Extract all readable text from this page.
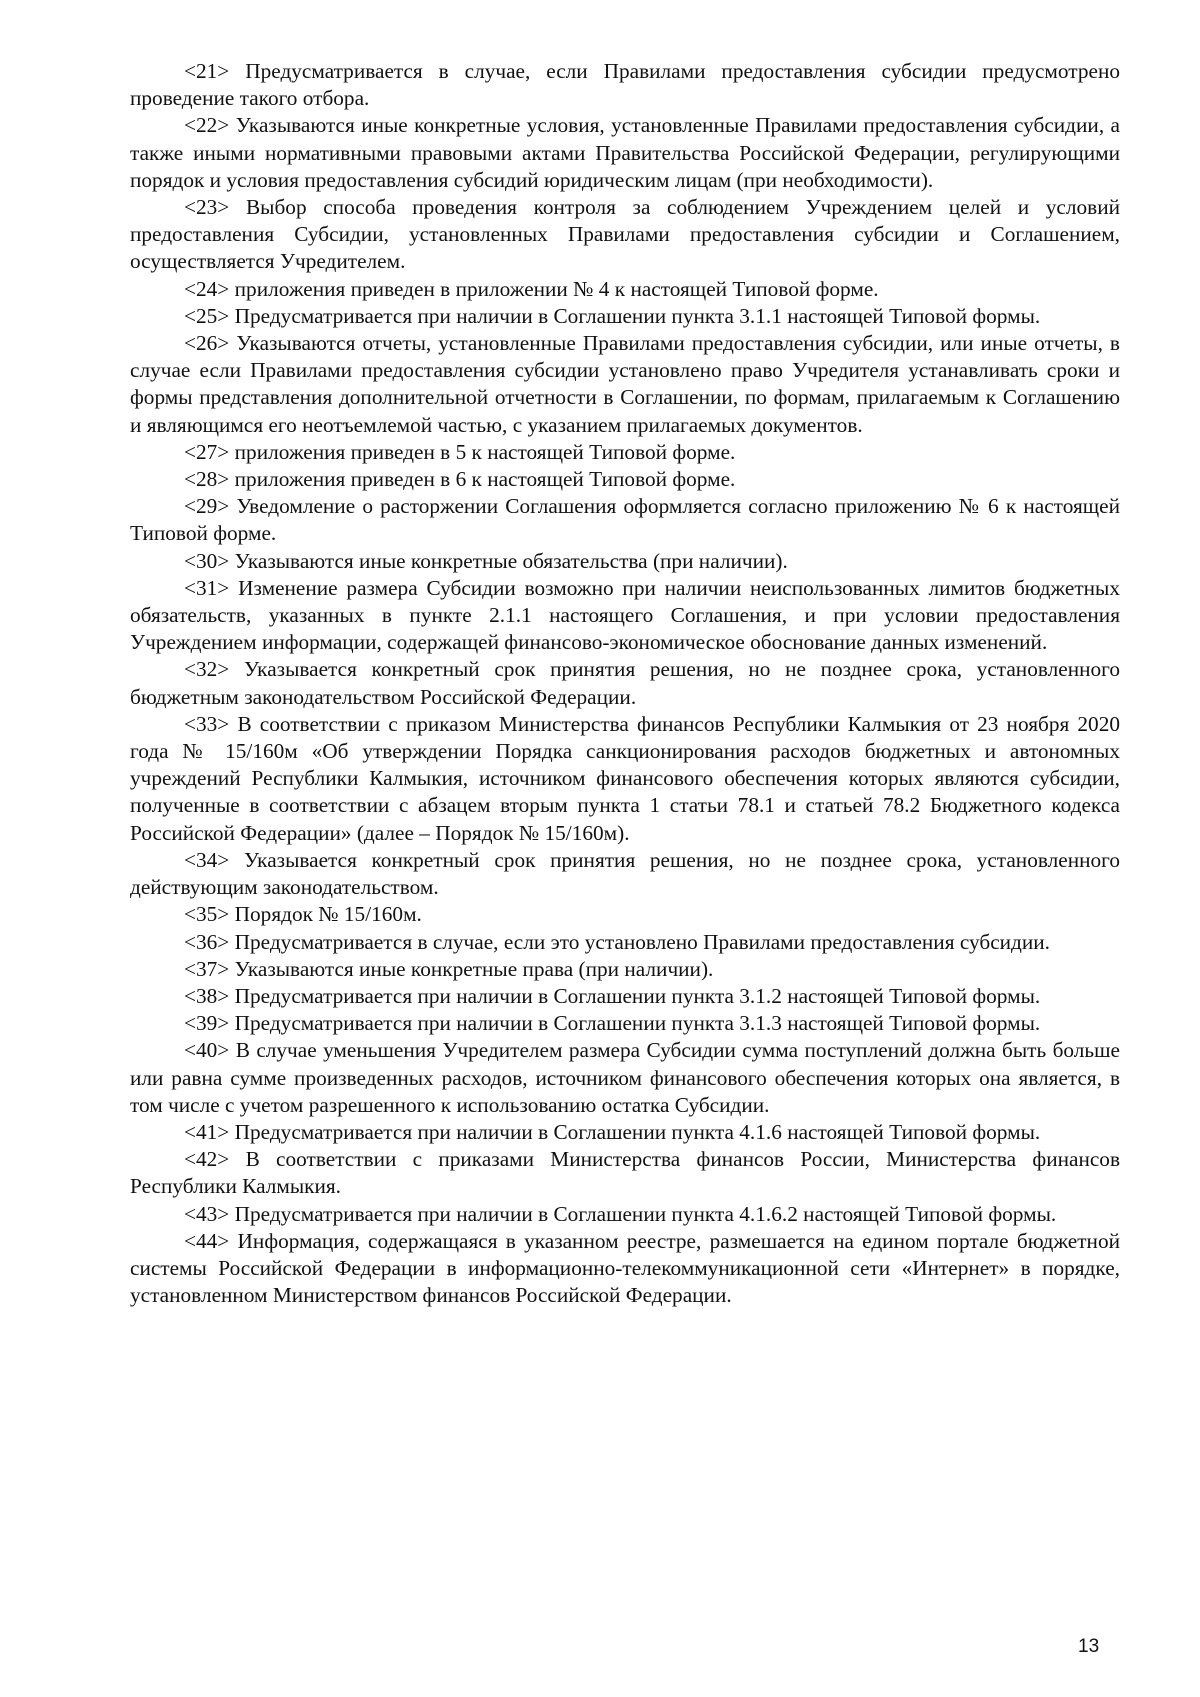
<21> Предусматривается в случае, если Правилами предоставления субсидии предусмотрено проведение такого отбора.

<22> Указываются иные конкретные условия, установленные Правилами предоставления субсидии, а также иными нормативными правовыми актами Правительства Российской Федерации, регулирующими порядок и условия предоставления субсидий юридическим лицам (при необходимости).

<23> Выбор способа проведения контроля за соблюдением Учреждением целей и условий предоставления Субсидии, установленных Правилами предоставления субсидии и Соглашением, осуществляется Учредителем.

<24> приложения приведен в приложении № 4 к настоящей Типовой форме.

<25> Предусматривается при наличии в Соглашении пункта 3.1.1 настоящей Типовой формы.

<26> Указываются отчеты, установленные Правилами предоставления субсидии, или иные отчеты, в случае если Правилами предоставления субсидии установлено право Учредителя устанавливать сроки и формы представления дополнительной отчетности в Соглашении, по формам, прилагаемым к Соглашению и являющимся его неотъемлемой частью, с указанием прилагаемых документов.

<27> приложения приведен в 5 к настоящей Типовой форме.

<28> приложения приведен в 6 к настоящей Типовой форме.

<29> Уведомление о расторжении Соглашения оформляется согласно приложению № 6 к настоящей Типовой форме.

<30> Указываются иные конкретные обязательства (при наличии).

<31> Изменение размера Субсидии возможно при наличии неиспользованных лимитов бюджетных обязательств, указанных в пункте 2.1.1 настоящего Соглашения, и при условии предоставления Учреждением информации, содержащей финансово-экономическое обоснование данных изменений.

<32> Указывается конкретный срок принятия решения, но не позднее срока, установленного бюджетным законодательством Российской Федерации.

<33> В соответствии с приказом Министерства финансов Республики Калмыкия от 23 ноября 2020 года № 15/160м «Об утверждении Порядка санкционирования расходов бюджетных и автономных учреждений Республики Калмыкия, источником финансового обеспечения которых являются субсидии, полученные в соответствии с абзацем вторым пункта 1 статьи 78.1 и статьей 78.2 Бюджетного кодекса Российской Федерации» (далее – Порядок № 15/160м).

<34> Указывается конкретный срок принятия решения, но не позднее срока, установленного действующим законодательством.

<35> Порядок № 15/160м.

<36> Предусматривается в случае, если это установлено Правилами предоставления субсидии.

<37> Указываются иные конкретные права (при наличии).

<38> Предусматривается при наличии в Соглашении пункта 3.1.2 настоящей Типовой формы.

<39> Предусматривается при наличии в Соглашении пункта 3.1.3 настоящей Типовой формы.

<40> В случае уменьшения Учредителем размера Субсидии сумма поступлений должна быть больше или равна сумме произведенных расходов, источником финансового обеспечения которых она является, в том числе с учетом разрешенного к использованию остатка Субсидии.

<41> Предусматривается при наличии в Соглашении пункта 4.1.6 настоящей Типовой формы.

<42> В соответствии с приказами Министерства финансов России, Министерства финансов Республики Калмыкия.

<43> Предусматривается при наличии в Соглашении пункта 4.1.6.2 настоящей Типовой формы.

<44> Информация, содержащаяся в указанном реестре, размешается на едином портале бюджетной системы Российской Федерации в информационно-телекоммуникационной сети «Интернет» в порядке, установленном Министерством финансов Российской Федерации.

13
